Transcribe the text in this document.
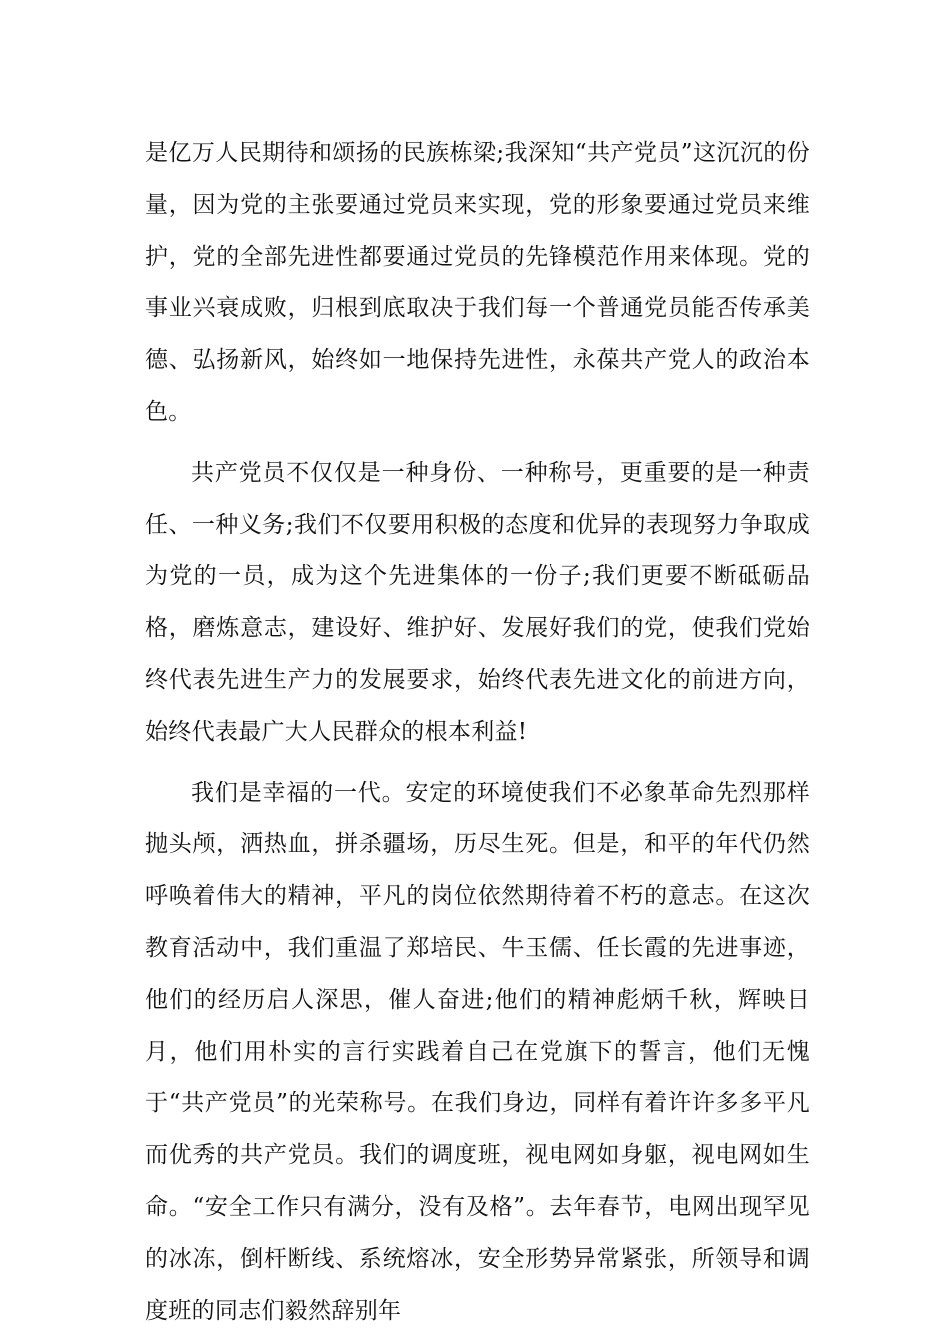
是亿万人民期待和颂扬的民族栋梁;我深知“共产党员”这沉沉的份量，因为党的主张要通过党员来实现，党的形象要通过党员来维护，党的全部先进性都要通过党员的先锋模范作用来体现。党的事业兴衰成败，归根到底取决于我们每一个普通党员能否传承美德、弘扬新风，始终如一地保持先进性，永葆共产党人的政治本色。

共产党员不仅仅是一种身份、一种称号，更重要的是一种责任、一种义务;我们不仅要用积极的态度和优异的表现努力争取成为党的一员，成为这个先进集体的一份子;我们更要不断砥砺品格，磨炼意志，建设好、维护好、发展好我们的党，使我们党始终代表先进生产力的发展要求，始终代表先进文化的前进方向，始终代表最广大人民群众的根本利益!

我们是幸福的一代。安定的环境使我们不必象革命先烈那样抛头颅，洒热血，拼杀疆场，历尽生死。但是，和平的年代仍然呼唤着伟大的精神，平凡的岗位依然期待着不朽的意志。在这次教育活动中，我们重温了郑培民、牛玉儒、任长霞的先进事迹，他们的经历启人深思，催人奋进;他们的精神彪炳千秋，辉映日月，他们用朴实的言行实践着自己在党旗下的誓言，他们无愧于“共产党员”的光荣称号。在我们身边，同样有着许许多多平凡而优秀的共产党员。我们的调度班，视电网如身躯，视电网如生命。“安全工作只有满分，没有及格”。去年春节，电网出现罕见的冰冻，倒杆断线、系统熔冰，安全形势异常紧张，所领导和调度班的同志们毅然辞别年
